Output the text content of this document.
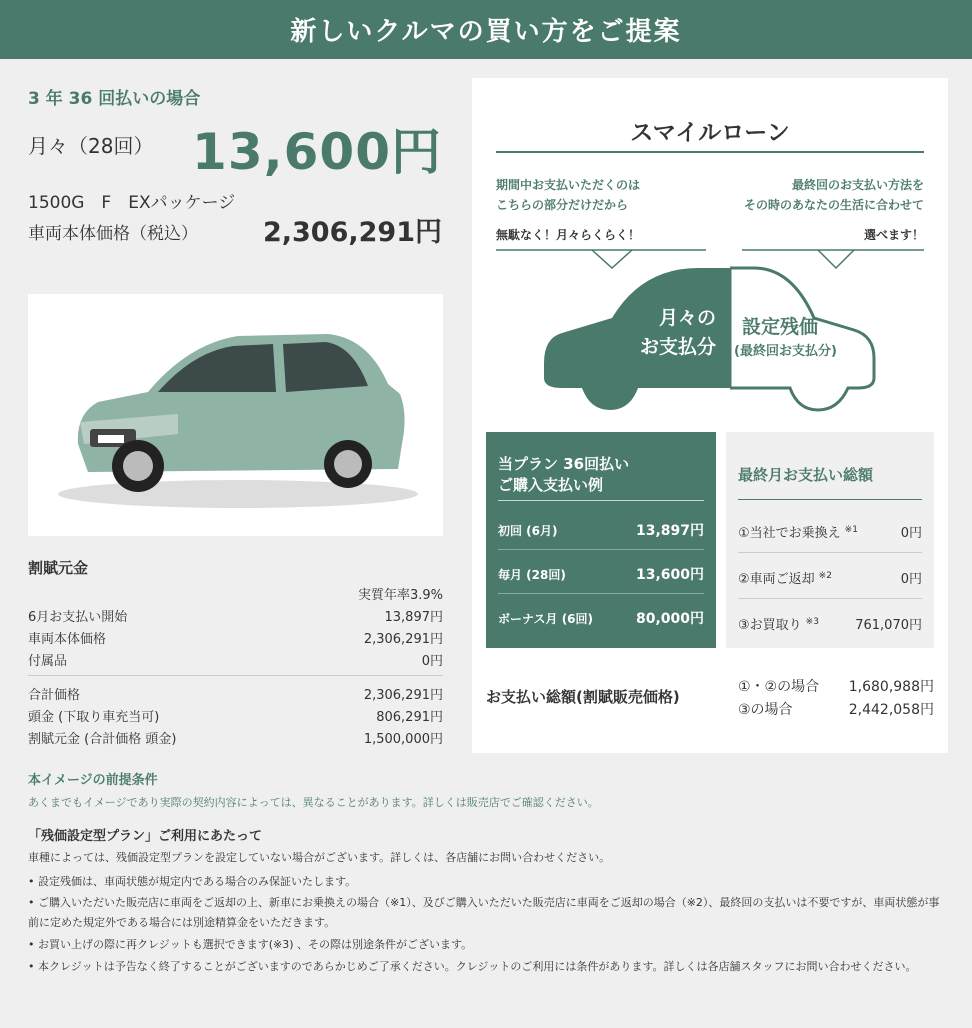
新しいクルマの買い方をご提案
3 年 36 回払いの場合
月々（28回） 13,600円
1500G　F　EXパッケージ
車両本体価格（税込） 2,306,291円
割賦元金
実質年率3.9%
6月お支払い開始	13,897円
車両本体価格	2,306,291円
付属品	0円
合計価格	2,306,291円
頭金 (下取り車充当可)	806,291円
割賦元金 (合計価格 頭金)	1,500,000円
スマイルローン
期間中お支払いただくのは
こちらの部分だけだから
最終回のお支払い方法を
その時のあなたの生活に合わせて
無駄なく！月々らくらく！	選べます！
月々の
お支払分
設定残価
(最終回お支払分)
当プラン 36回払い
ご購入支払い例
初回 (6月)	13,897円
毎月 (28回)	13,600円
ボーナス月 (6回)	80,000円
最終月お支払い総額
①当社でお乗換え $^{※1}$	0円
②車両ご返却 $^{※2}$	0円
③お買取り $^{※3}$	761,070円
お支払い総額(割賦販売価格)
①・②の場合 1,680,988円
③の場合	2,442,058円
本イメージの前提条件
あくまでもイメージであり実際の契約内容によっては、異なることがあります。詳しくは販売店でご確認ください。
「残価設定型プラン」ご利用にあたって
車種によっては、残価設定型プランを設定していない場合がございます。詳しくは、各店舗にお問い合わせください。
• 設定残価は、車両状態が規定内である場合のみ保証いたします。
• ご購入いただいた販売店に車両をご返却の上、新車にお乗換えの場合（※1）、及びご購入いただいた販売店に車両をご返却の場合（※2）、最終回の支払いは不要ですが、車両状態が事前に定めた規定外である場合には別途精算金をいただきます。
• お買い上げの際に再クレジットも選択できます(※3) 、その際は別途条件がございます。
• 本クレジットは予告なく終了することがございますのであらかじめご了承ください。クレジットのご利用には条件があります。詳しくは各店舗スタッフにお問い合わせください。
